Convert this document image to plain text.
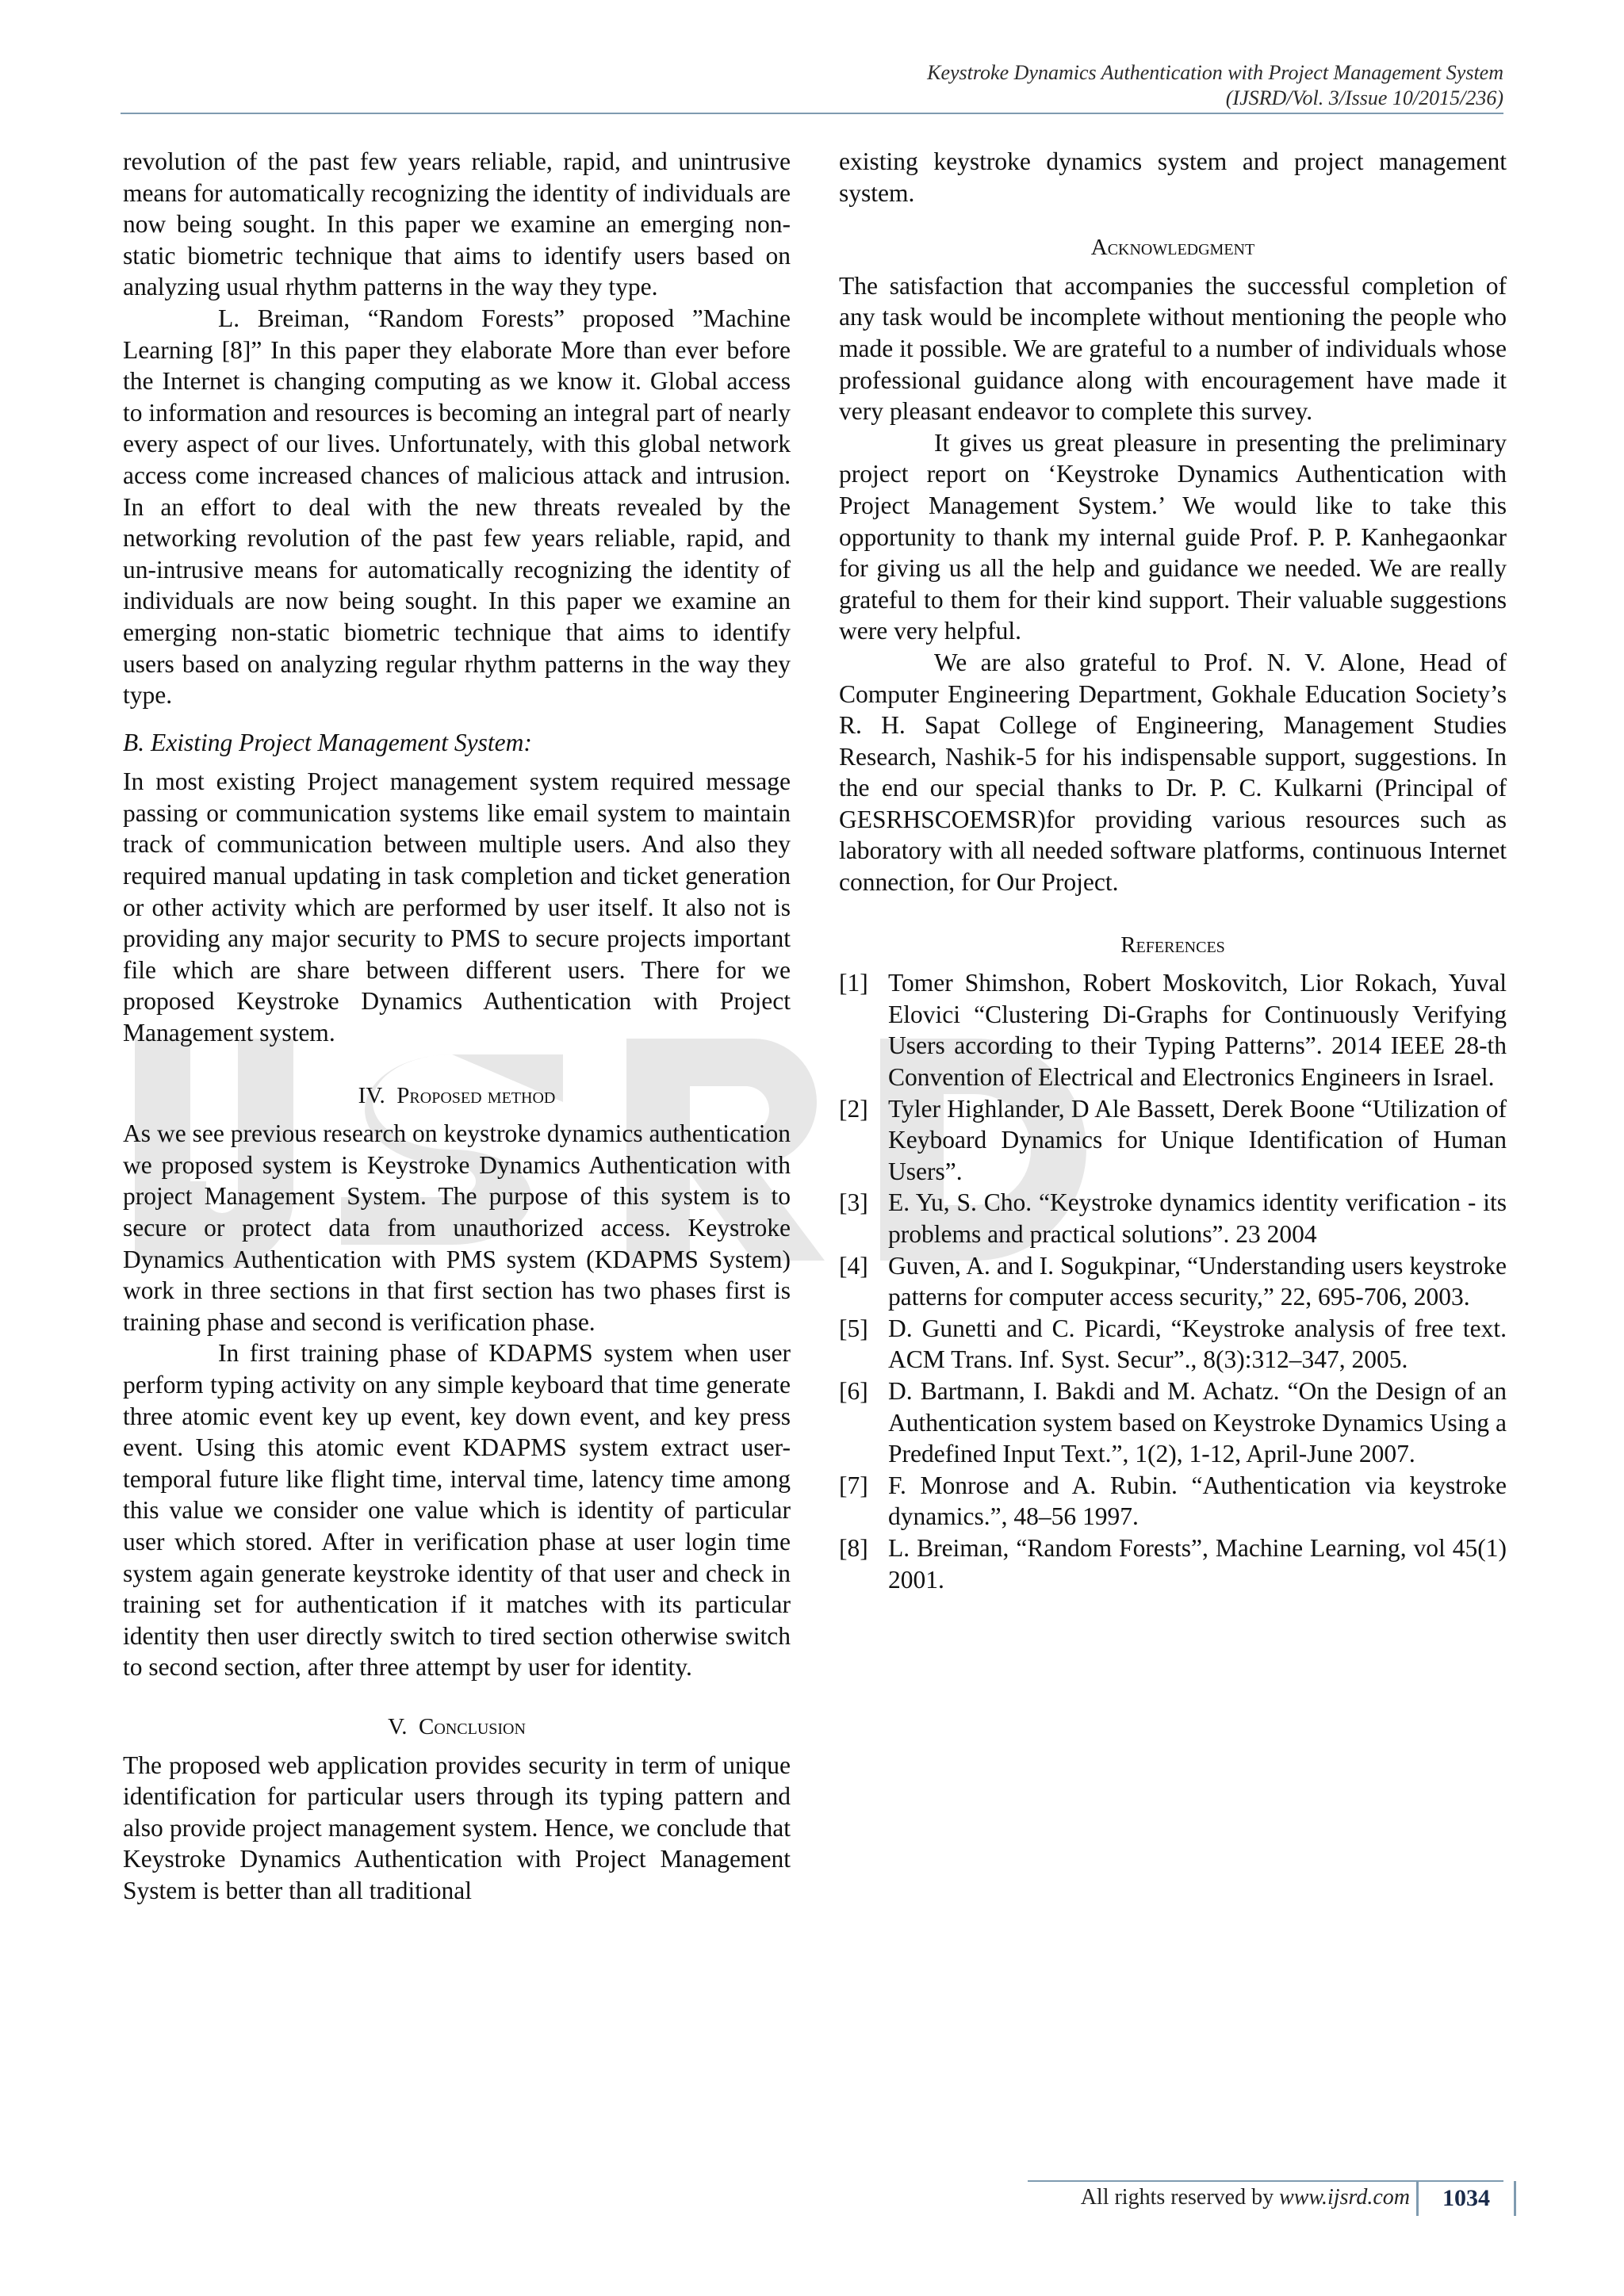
Keystroke Dynamics Authentication with Project Management System
(IJSRD/Vol. 3/Issue 10/2015/236)

revolution of the past few years reliable, rapid, and unintrusive means for automatically recognizing the identity of individuals are now being sought. In this paper we examine an emerging non-static biometric technique that aims to identify users based on analyzing usual rhythm patterns in the way they type.

L. Breiman, “Random Forests” proposed ”Machine Learning [8]” In this paper they elaborate More than ever before the Internet is changing computing as we know it. Global access to information and resources is becoming an integral part of nearly every aspect of our lives. Unfortunately, with this global network access come increased chances of malicious attack and intrusion. In an effort to deal with the new threats revealed by the networking revolution of the past few years reliable, rapid, and un-intrusive means for automatically recognizing the identity of individuals are now being sought. In this paper we examine an emerging non-static biometric technique that aims to identify users based on analyzing regular rhythm patterns in the way they type.

B. Existing Project Management System:

In most existing Project management system required message passing or communication systems like email system to maintain track of communication between multiple users. And also they required manual updating in task completion and ticket generation or other activity which are performed by user itself. It also not is providing any major security to PMS to secure projects important file which are share between different users. There for we proposed Keystroke Dynamics Authentication with Project Management system.

IV. Proposed method

As we see previous research on keystroke dynamics authentication we proposed system is Keystroke Dynamics Authentication with project Management System. The purpose of this system is to secure or protect data from unauthorized access. Keystroke Dynamics Authentication with PMS system (KDAPMS System) work in three sections in that first section has two phases first is training phase and second is verification phase.

In first training phase of KDAPMS system when user perform typing activity on any simple keyboard that time generate three atomic event key up event, key down event, and key press event. Using this atomic event KDAPMS system extract user-temporal future like flight time, interval time, latency time among this value we consider one value which is identity of particular user which stored. After in verification phase at user login time system again generate keystroke identity of that user and check in training set for authentication if it matches with its particular identity then user directly switch to tired section otherwise switch to second section, after three attempt by user for identity.

V. Conclusion

The proposed web application provides security in term of unique identification for particular users through its typing pattern and also provide project management system. Hence, we conclude that Keystroke Dynamics Authentication with Project Management System is better than all traditional

existing keystroke dynamics system and project management system.

Acknowledgment

The satisfaction that accompanies the successful completion of any task would be incomplete without mentioning the people who made it possible. We are grateful to a number of individuals whose professional guidance along with encouragement have made it very pleasant endeavor to complete this survey.

It gives us great pleasure in presenting the preliminary project report on ‘Keystroke Dynamics Authentication with Project Management System.’ We would like to take this opportunity to thank my internal guide Prof. P. P. Kanhegaonkar for giving us all the help and guidance we needed. We are really grateful to them for their kind support. Their valuable suggestions were very helpful.

We are also grateful to Prof. N. V. Alone, Head of Computer Engineering Department, Gokhale Education Society’s R. H. Sapat College of Engineering, Management Studies Research, Nashik-5 for his indispensable support, suggestions. In the end our special thanks to Dr. P. C. Kulkarni (Principal of GESRHSCOEMSR)for providing various resources such as laboratory with all needed software platforms, continuous Internet connection, for Our Project.

References

[1] Tomer Shimshon, Robert Moskovitch, Lior Rokach, Yuval Elovici “Clustering Di-Graphs for Continuously Verifying Users according to their Typing Patterns”. 2014 IEEE 28-th Convention of Electrical and Electronics Engineers in Israel.
[2] Tyler Highlander, D Ale Bassett, Derek Boone “Utilization of Keyboard Dynamics for Unique Identification of Human Users”.
[3] E. Yu, S. Cho. “Keystroke dynamics identity verification - its problems and practical solutions”. 23 2004
[4] Guven, A. and I. Sogukpinar, “Understanding users keystroke patterns for computer access security,” 22, 695-706, 2003.
[5] D. Gunetti and C. Picardi, “Keystroke analysis of free text. ACM Trans. Inf. Syst. Secur”., 8(3):312–347, 2005.
[6] D. Bartmann, I. Bakdi and M. Achatz. “On the Design of an Authentication system based on Keystroke Dynamics Using a Predefined Input Text.”, 1(2), 1-12, April-June 2007.
[7] F. Monrose and A. Rubin. “Authentication via keystroke dynamics.”, 48–56 1997.
[8] L. Breiman, “Random Forests”, Machine Learning, vol 45(1) 2001.
All rights reserved by www.ijsrd.com	1034
